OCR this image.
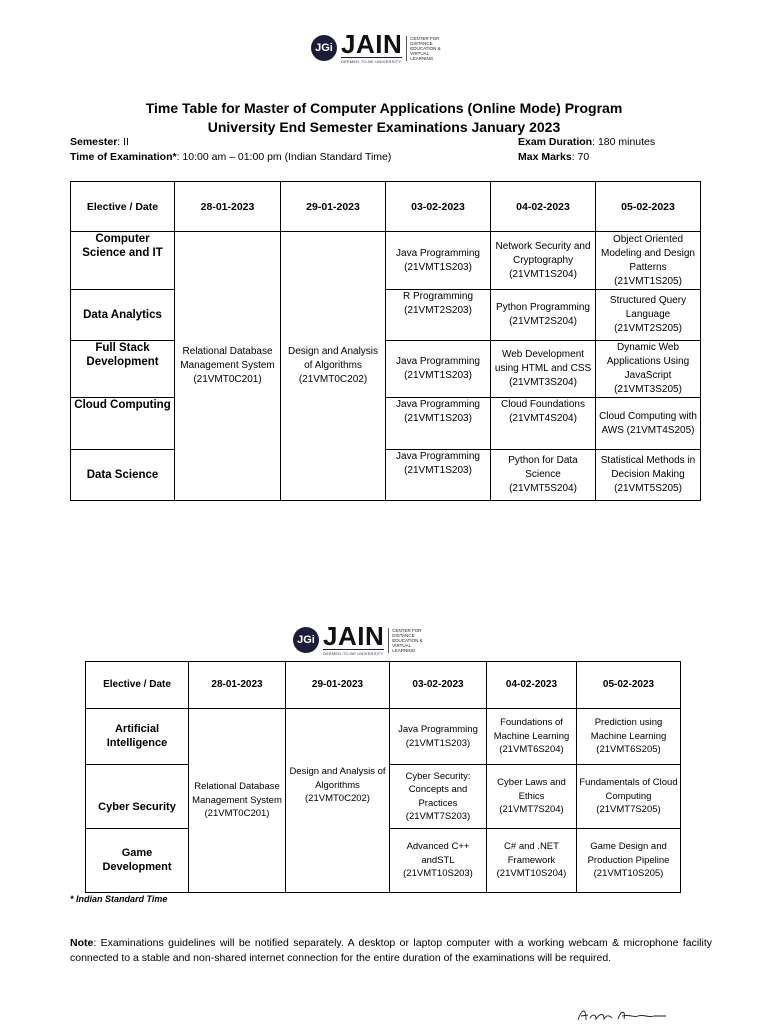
JGi JAIN
DEEMED-TO-BE UNIVERSITY
CENTER FOR DISTANCE EDUCATION & VIRTUAL LEARNING
Time Table for Master of Computer Applications (Online Mode) Program
University End Semester Examinations January 2023
Semester: II
Time of Examination*: 10:00 am – 01:00 pm (Indian Standard Time)
Exam Duration: 180 minutes
Max Marks: 70
Elective / Date	28-01-2023	29-01-2023	03-02-2023	04-02-2023	05-02-2023
Computer Science and IT	Relational Database Management System (21VMT0C201)	Design and Analysis of Algorithms (21VMT0C202)	Java Programming (21VMT1S203)	Network Security and Cryptography (21VMT1S204)	Object Oriented Modeling and Design Patterns (21VMT1S205)
Data Analytics			R Programming (21VMT2S203)	Python Programming (21VMT2S204)	Structured Query Language (21VMT2S205)
Full Stack Development			Java Programming (21VMT1S203)	Web Development using HTML and CSS (21VMT3S204)	Dynamic Web Applications Using JavaScript (21VMT3S205)
Cloud Computing			Java Programming (21VMT1S203)	Cloud Foundations (21VMT4S204)	Cloud Computing with AWS (21VMT4S205)
Data Science			Java Programming (21VMT1S203)	Python for Data Science (21VMT5S204)	Statistical Methods in Decision Making (21VMT5S205)
JGi JAIN
DEEMED-TO-BE UNIVERSITY
CENTER FOR DISTANCE EDUCATION & VIRTUAL LEARNING
Elective / Date	28-01-2023	29-01-2023	03-02-2023	04-02-2023	05-02-2023
Artificial Intelligence	Relational Database Management System (21VMT0C201)	Design and Analysis of Algorithms (21VMT0C202)	Java Programming (21VMT1S203)	Foundations of Machine Learning (21VMT6S204)	Prediction using Machine Learning (21VMT6S205)
Cyber Security			Cyber Security: Concepts and Practices (21VMT7S203)	Cyber Laws and Ethics (21VMT7S204)	Fundamentals of Cloud Computing (21VMT7S205)
Game Development			Advanced C++ andSTL (21VMT10S203)	C# and .NET Framework (21VMT10S204)	Game Design and Production Pipeline (21VMT10S205)
* Indian Standard Time
Note: Examinations guidelines will be notified separately. A desktop or laptop computer with a working webcam & microphone facility connected to a stable and non-shared internet connection for the entire duration of the examinations will be required.
